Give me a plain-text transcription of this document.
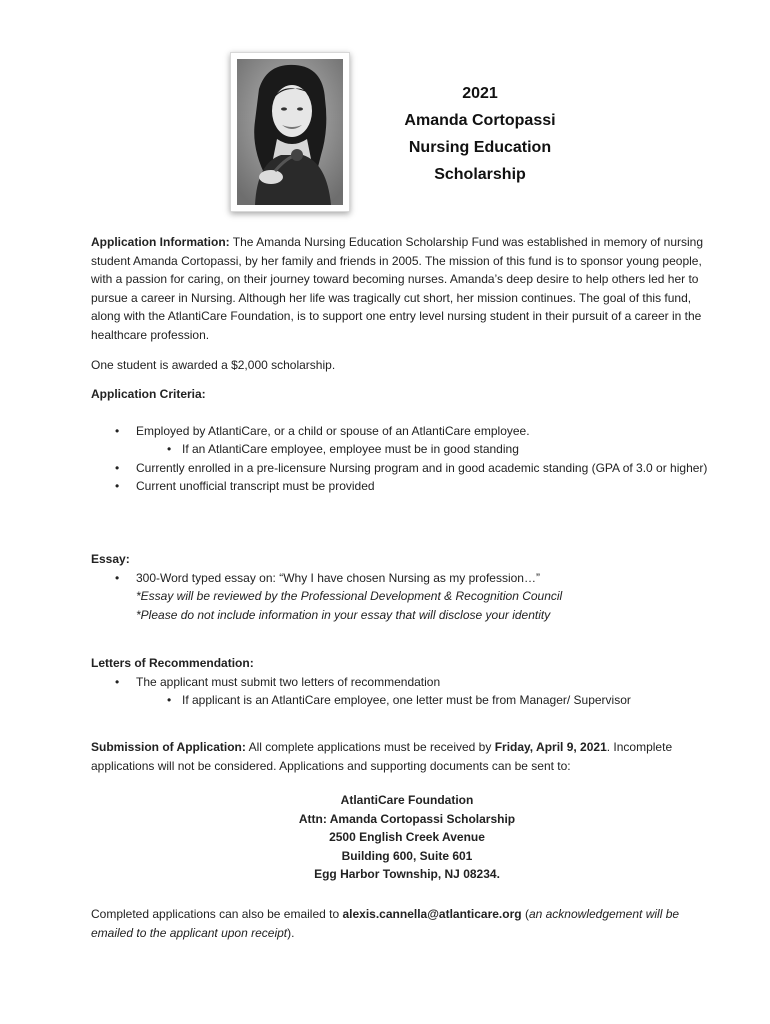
2021
Amanda Cortopassi
Nursing Education
Scholarship

Application Information: The Amanda Nursing Education Scholarship Fund was established in memory of nursing student Amanda Cortopassi, by her family and friends in 2005. The mission of this fund is to sponsor young people, with a passion for caring, on their journey toward becoming nurses. Amanda’s deep desire to help others led her to pursue a career in Nursing. Although her life was tragically cut short, her mission continues. The goal of this fund, along with the AtlantiCare Foundation, is to support one entry level nursing student in their pursuit of a career in the healthcare profession.

One student is awarded a $2,000 scholarship.

Application Criteria:

• Employed by AtlantiCare, or a child or spouse of an AtlantiCare employee.
• If an AtlantiCare employee, employee must be in good standing
• Currently enrolled in a pre-licensure Nursing program and in good academic standing (GPA of 3.0 or higher)
• Current unofficial transcript must be provided

Essay:

• 300-Word typed essay on: “Why I have chosen Nursing as my profession…”
*Essay will be reviewed by the Professional Development & Recognition Council
*Please do not include information in your essay that will disclose your identity

Letters of Recommendation:

• The applicant must submit two letters of recommendation
• If applicant is an AtlantiCare employee, one letter must be from Manager/ Supervisor

Submission of Application: All complete applications must be received by Friday, April 9, 2021. Incomplete applications will not be considered. Applications and supporting documents can be sent to:

AtlantiCare Foundation
Attn: Amanda Cortopassi Scholarship
2500 English Creek Avenue
Building 600, Suite 601
Egg Harbor Township, NJ 08234.

Completed applications can also be emailed to alexis.cannella@atlanticare.org (an acknowledgement will be emailed to the applicant upon receipt).
